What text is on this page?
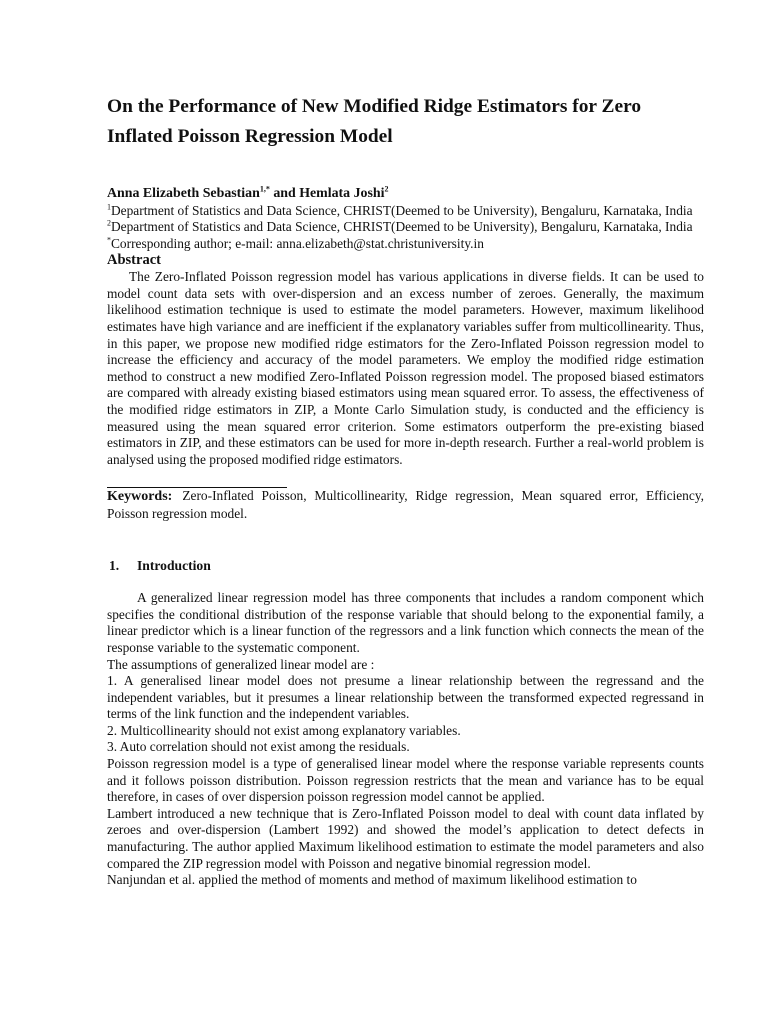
On the Performance of New Modified Ridge Estimators for Zero Inflated Poisson Regression Model
Anna Elizabeth Sebastian$^{1,*}$ and Hemlata Joshi$^2$
$^1$Department of Statistics and Data Science, CHRIST(Deemed to be University), Bengaluru, Karnataka, India
$^2$Department of Statistics and Data Science, CHRIST(Deemed to be University), Bengaluru, Karnataka, India
*Corresponding author; e-mail: anna.elizabeth@stat.christuniversity.in
Abstract

The Zero-Inflated Poisson regression model has various applications in diverse fields. It can be used to model count data sets with over-dispersion and an excess number of zeroes. Generally, the maximum likelihood estimation technique is used to estimate the model parameters. However, maximum likelihood estimates have high variance and are inefficient if the explanatory variables suffer from multicollinearity. Thus, in this paper, we propose new modified ridge estimators for the Zero-Inflated Poisson regression model to increase the efficiency and accuracy of the model parameters. We employ the modified ridge estimation method to construct a new modified Zero-Inflated Poisson regression model. The proposed biased estimators are compared with already existing biased estimators using mean squared error. To assess, the effectiveness of the modified ridge estimators in ZIP, a Monte Carlo Simulation study, is conducted and the efficiency is measured using the mean squared error criterion. Some estimators outperform the pre-existing biased estimators in ZIP, and these estimators can be used for more in-depth research. Further a real-world problem is analysed using the proposed modified ridge estimators.

Keywords: Zero-Inflated Poisson, Multicollinearity, Ridge regression, Mean squared error, Efficiency, Poisson regression model.

1. Introduction

A generalized linear regression model has three components that includes a random component which specifies the conditional distribution of the response variable that should belong to the exponential family, a linear predictor which is a linear function of the regressors and a link function which connects the mean of the response variable to the systematic component.

The assumptions of generalized linear model are :

1. A generalised linear model does not presume a linear relationship between the regressand and the independent variables, but it presumes a linear relationship between the transformed expected regressand in terms of the link function and the independent variables.

2. Multicollinearity should not exist among explanatory variables.

3. Auto correlation should not exist among the residuals.

Poisson regression model is a type of generalised linear model where the response variable represents counts and it follows poisson distribution. Poisson regression restricts that the mean and variance has to be equal therefore, in cases of over dispersion poisson regression model cannot be applied.

Lambert introduced a new technique that is Zero-Inflated Poisson model to deal with count data inflated by zeroes and over-dispersion (Lambert 1992) and showed the model’s application to detect defects in manufacturing. The author applied Maximum likelihood estimation to estimate the model parameters and also compared the ZIP regression model with Poisson and negative binomial regression model.

Nanjundan et al. applied the method of moments and method of maximum likelihood estimation to
